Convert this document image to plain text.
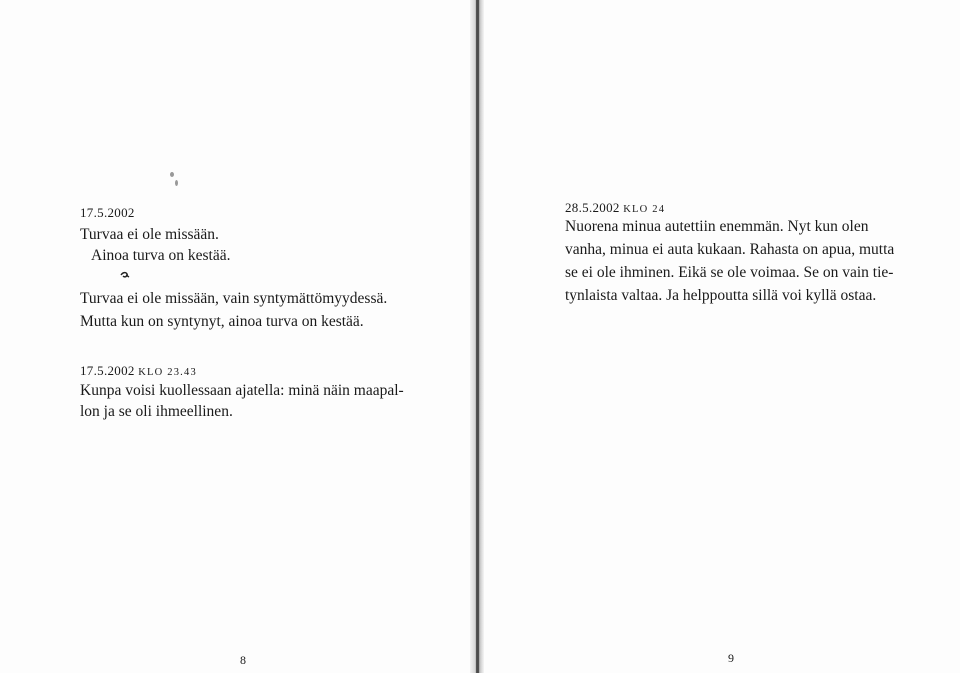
17.5.2002
Turvaa ei ole missään.
Ainoa turva on kestää.
Turvaa ei ole missään, vain syntymättömyydessä.
Mutta kun on syntynyt, ainoa turva on kestää.
17.5.2002 KLO 23.43
Kunpa voisi kuollessaan ajatella: minä näin maapal-
lon ja se oli ihmeellinen.
8
28.5.2002 KLO 24
Nuorena minua autettiin enemmän. Nyt kun olen
vanha, minua ei auta kukaan. Rahasta on apua, mutta
se ei ole ihminen. Eikä se ole voimaa. Se on vain tie-
tynlaista valtaa. Ja helppoutta sillä voi kyllä ostaa.
9
